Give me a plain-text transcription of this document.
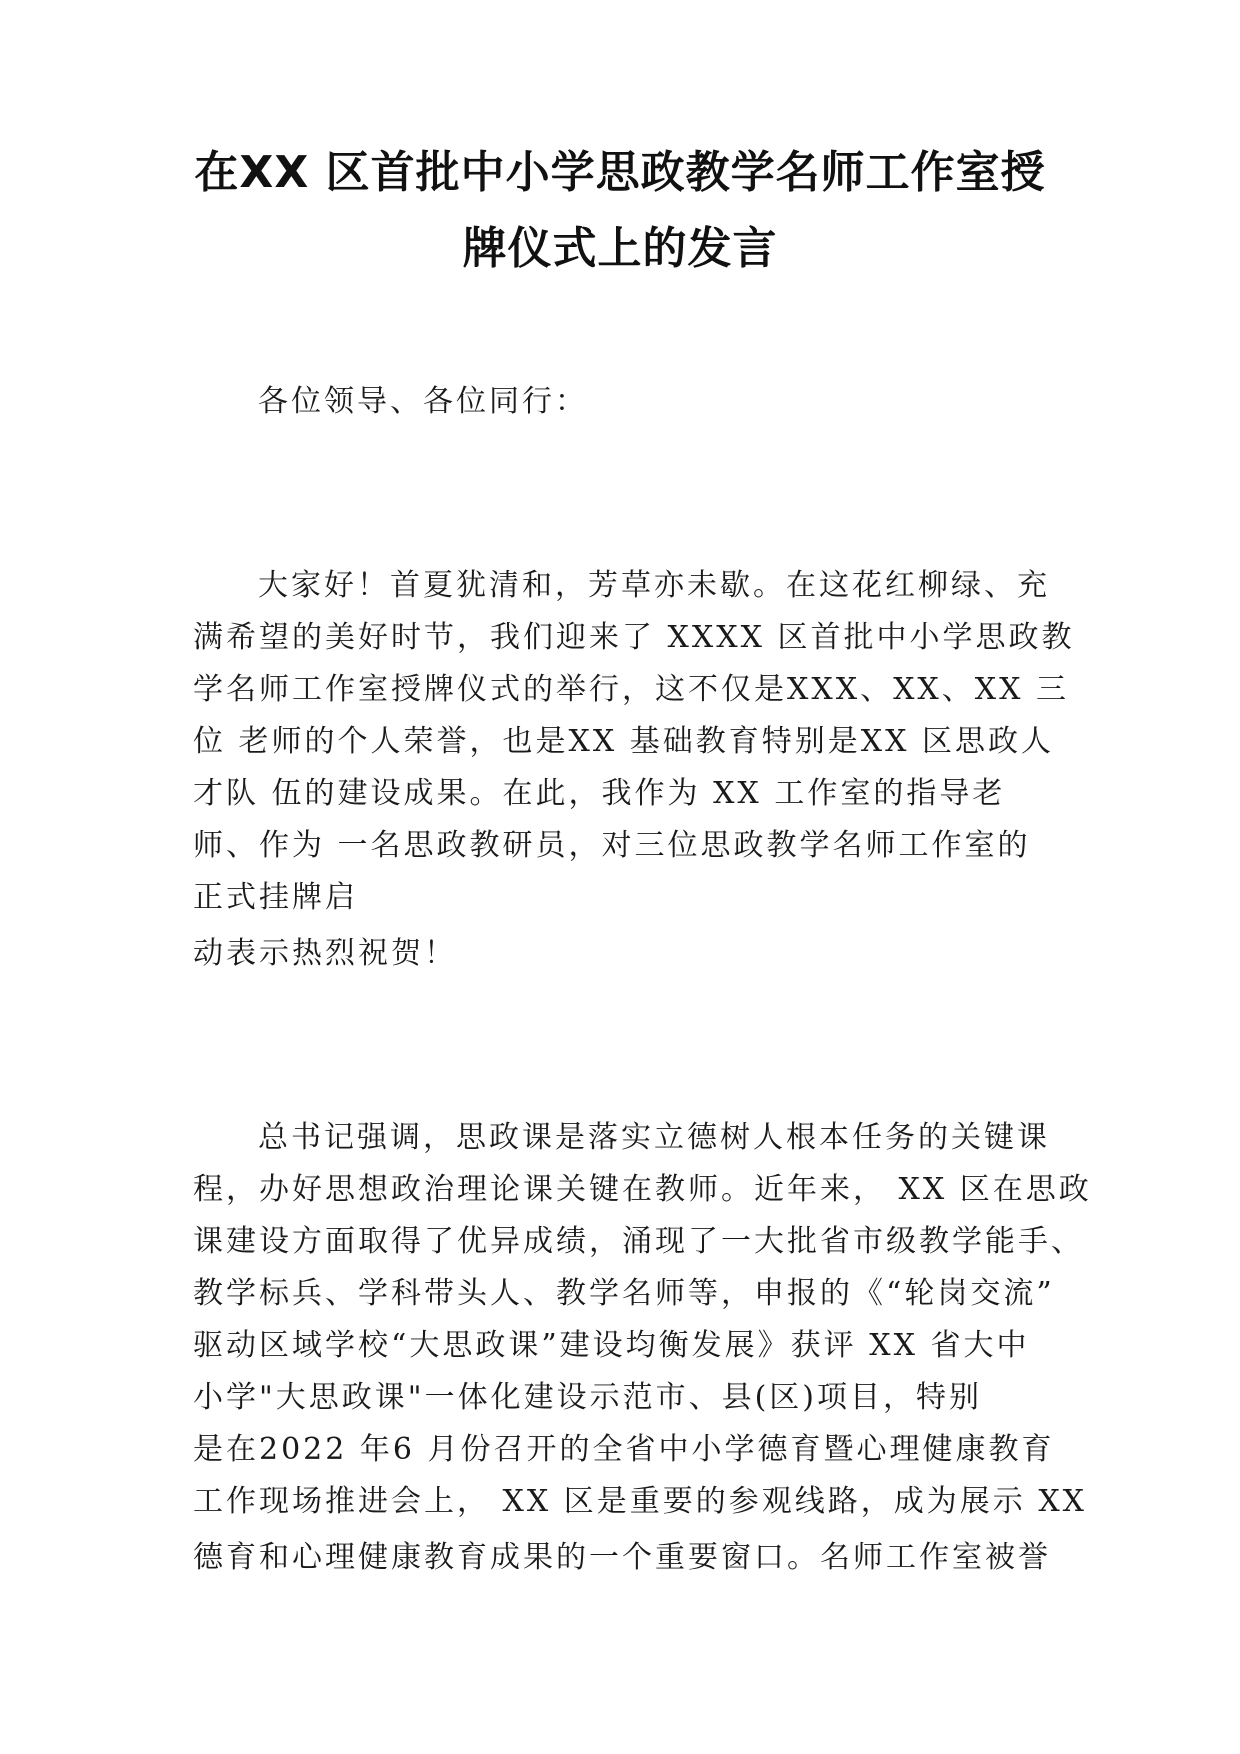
在XX 区首批中小学思政教学名师工作室授
牌仪式上的发言
各位领导、各位同行：
大家好！首夏犹清和，芳草亦未歇。在这花红柳绿、充
满希望的美好时节，我们迎来了 XXXX 区首批中小学思政教
学名师工作室授牌仪式的举行，这不仅是XXX、XX、XX 三
位 老师的个人荣誉，也是XX 基础教育特别是XX 区思政人
才队 伍的建设成果。在此，我作为 XX 工作室的指导老
师、作为 一名思政教研员，对三位思政教学名师工作室的
正式挂牌启
动表示热烈祝贺！
总书记强调，思政课是落实立德树人根本任务的关键课
程，办好思想政治理论课关键在教师。近年来， XX 区在思政
课建设方面取得了优异成绩，涌现了一大批省市级教学能手、
教学标兵、学科带头人、教学名师等，申报的《“轮岗交流”
驱动区域学校“大思政课”建设均衡发展》获评 XX 省大中
小学"大思政课"一体化建设示范市、县(区)项目，特别
是在2022 年6 月份召开的全省中小学德育暨心理健康教育
工作现场推进会上， XX 区是重要的参观线路，成为展示 XX
德育和心理健康教育成果的一个重要窗口。名师工作室被誉
